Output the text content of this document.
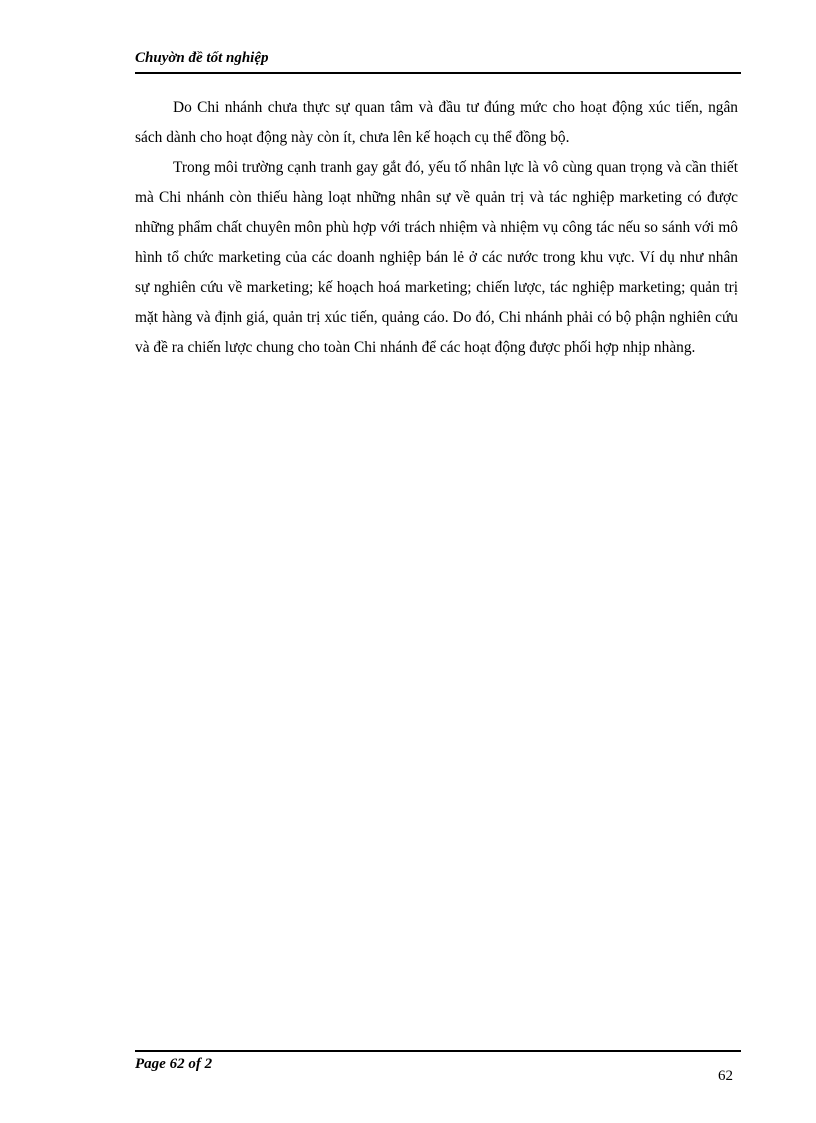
Chuyờn đề tốt nghiệp

Do Chi nhánh chưa thực sự quan tâm và đầu tư đúng mức cho hoạt động xúc tiến, ngân sách dành cho hoạt động này còn ít, chưa lên kế hoạch cụ thể đồng bộ.

Trong môi trường cạnh tranh gay gắt đó, yếu tố nhân lực là vô cùng quan trọng và cần thiết mà Chi nhánh còn thiếu hàng loạt những nhân sự về quản trị và tác nghiệp marketing có được những phẩm chất chuyên môn phù hợp với trách nhiệm và nhiệm vụ công tác nếu so sánh với mô hình tổ chức marketing của các doanh nghiệp bán lẻ ở các nước trong khu vực. Ví dụ như nhân sự nghiên cứu về marketing; kế hoạch hoá marketing; chiến lược, tác nghiệp marketing; quản trị mặt hàng và định giá, quản trị xúc tiến, quảng cáo. Do đó, Chi nhánh phải có bộ phận nghiên cứu và đề ra chiến lược chung cho toàn Chi nhánh để các hoạt động được phối hợp nhịp nhàng.

Page 62 of 2
62
